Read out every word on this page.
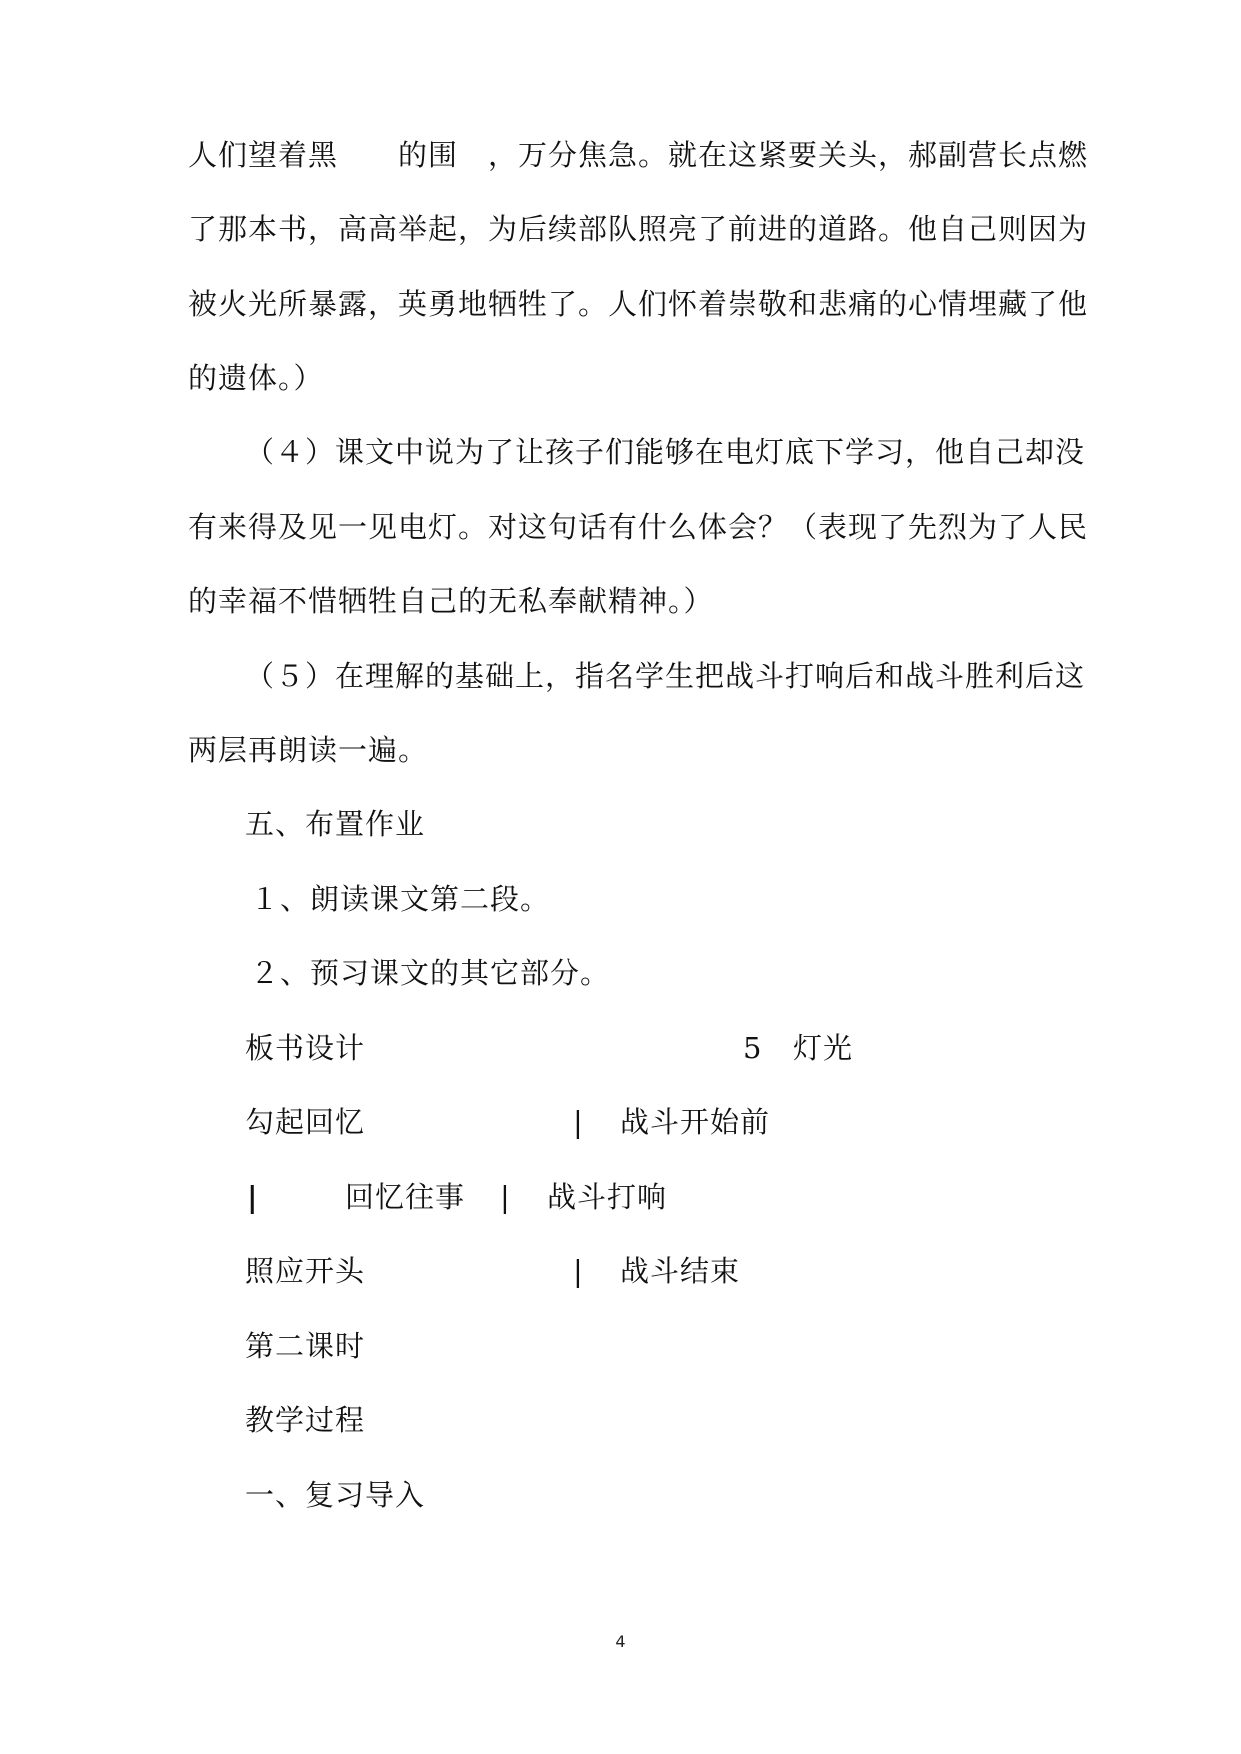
人们望着黑　　的围　，万分焦急。就在这紧要关头，郝副营长点燃
了那本书，高高举起，为后续部队照亮了前进的道路。他自己则因为
被火光所暴露，英勇地牺牲了。人们怀着崇敬和悲痛的心情埋藏了他
的遗体。）
（４）课文中说为了让孩子们能够在电灯底下学习，他自己却没
有来得及见一见电灯。对这句话有什么体会？（表现了先烈为了人民
的幸福不惜牺牲自己的无私奉献精神。）
（５）在理解的基础上，指名学生把战斗打响后和战斗胜利后这
两层再朗读一遍。
五、布置作业
１、朗读课文第二段。
２、预习课文的其它部分。
板书设计	5 灯光
勾起回忆	| 战斗开始前
|	回忆往事 | 战斗打响
照应开头	| 战斗结束
第二课时
教学过程
一、复习导入
4
